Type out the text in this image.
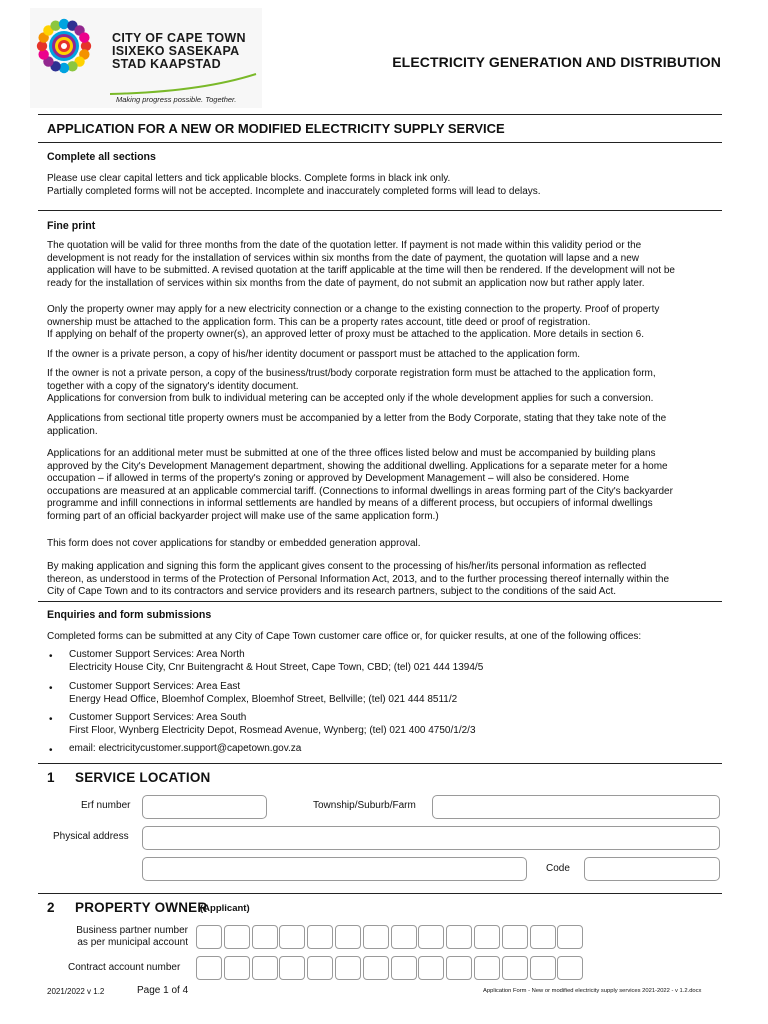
CITY OF CAPE TOWN
ISIXEKO SASEKAPA
STAD KAAPSTAD
Making progress possible. Together.
ELECTRICITY GENERATION AND DISTRIBUTION
APPLICATION FOR A NEW OR MODIFIED ELECTRICITY SUPPLY SERVICE
Complete all sections
Please use clear capital letters and tick applicable blocks. Complete forms in black ink only.
Partially completed forms will not be accepted. Incomplete and inaccurately completed forms will lead to delays.
Fine print
The quotation will be valid for three months from the date of the quotation letter. If payment is not made within this validity period or the
development is not ready for the installation of services within six months from the date of payment, the quotation will lapse and a new
application will have to be submitted. A revised quotation at the tariff applicable at the time will then be rendered. If the development will not be
ready for the installation of services within six months from the date of payment, do not submit an application now but rather apply later.
Only the property owner may apply for a new electricity connection or a change to the existing connection to the property. Proof of property
ownership must be attached to the application form. This can be a property rates account, title deed or proof of registration.
If applying on behalf of the property owner(s), an approved letter of proxy must be attached to the application. More details in section 6.
If the owner is a private person, a copy of his/her identity document or passport must be attached to the application form.
If the owner is not a private person, a copy of the business/trust/body corporate registration form must be attached to the application form,
together with a copy of the signatory's identity document.
Applications for conversion from bulk to individual metering can be accepted only if the whole development applies for such a conversion.
Applications from sectional title property owners must be accompanied by a letter from the Body Corporate, stating that they take note of the
application.
Applications for an additional meter must be submitted at one of the three offices listed below and must be accompanied by building plans
approved by the City's Development Management department, showing the additional dwelling. Applications for a separate meter for a home
occupation – if allowed in terms of the property's zoning or approved by Development Management – will also be considered. Home
occupations are measured at an applicable commercial tariff. (Connections to informal dwellings in areas forming part of the City's backyarder
programme and infill connections in informal settlements are handled by means of a different process, but occupiers of informal dwellings
forming part of an official backyarder project will make use of the same application form.)
This form does not cover applications for standby or embedded generation approval.
By making application and signing this form the applicant gives consent to the processing of his/her/its personal information as reflected
thereon, as understood in terms of the Protection of Personal Information Act, 2013, and to the further processing thereof internally within the
City of Cape Town and to its contractors and service providers and its research partners, subject to the conditions of the said Act.
Enquiries and form submissions
Completed forms can be submitted at any City of Cape Town customer care office or, for quicker results, at one of the following offices:
• Customer Support Services: Area North
Electricity House City, Cnr Buitengracht & Hout Street, Cape Town, CBD; (tel) 021 444 1394/5
• Customer Support Services: Area East
Energy Head Office, Bloemhof Complex, Bloemhof Street, Bellville; (tel) 021 444 8511/2
• Customer Support Services: Area South
First Floor, Wynberg Electricity Depot, Rosmead Avenue, Wynberg; (tel) 021 400 4750/1/2/3
• email: electricitycustomer.support@capetown.gov.za
1 SERVICE LOCATION
Erf number	Township/Suburb/Farm
Physical address
Code
2 PROPERTY OWNER
(Applicant)
Business partner number
as per municipal account
Contract account number
2021/2022 v 1.2	Page 1 of 4	Application Form - New or modified electricity supply services 2021-2022 - v 1.2.docx
